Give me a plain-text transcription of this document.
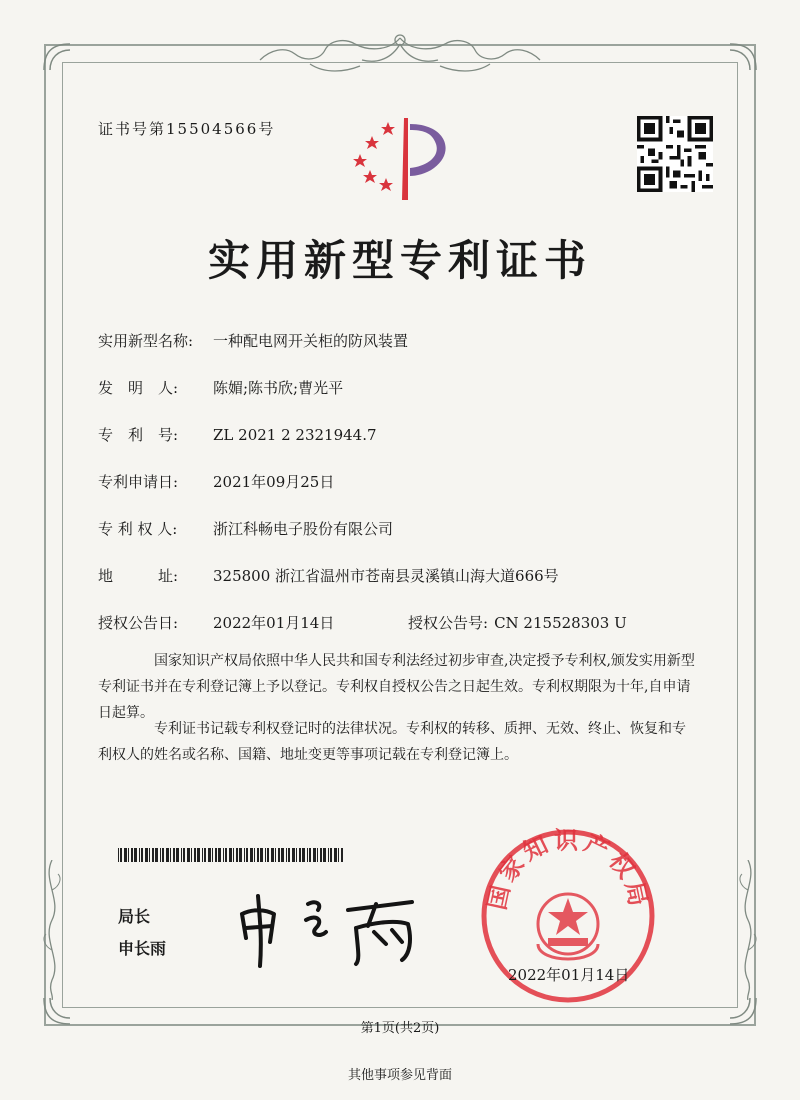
证书号第15504566号
实用新型专利证书
实用新型名称: 一种配电网开关柜的防风装置
发　明　人: 陈媚;陈书欣;曹光平
专　利　号: ZL 2021 2 2321944.7
专利申请日: 2021年09月25日
专 利 权 人: 浙江科畅电子股份有限公司
地　　　址: 325800 浙江省温州市苍南县灵溪镇山海大道666号
授权公告日: 2022年01月14日	授权公告号: CN 215528303 U
国家知识产权局依照中华人民共和国专利法经过初步审查,决定授予专利权,颁发实用新型专利证书并在专利登记簿上予以登记。专利权自授权公告之日起生效。专利权期限为十年,自申请日起算。
专利证书记载专利权登记时的法律状况。专利权的转移、质押、无效、终止、恢复和专利权人的姓名或名称、国籍、地址变更等事项记载在专利登记簿上。
局长
申长雨
国家知识产权局
2022年01月14日
第1页(共2页)
其他事项参见背面
